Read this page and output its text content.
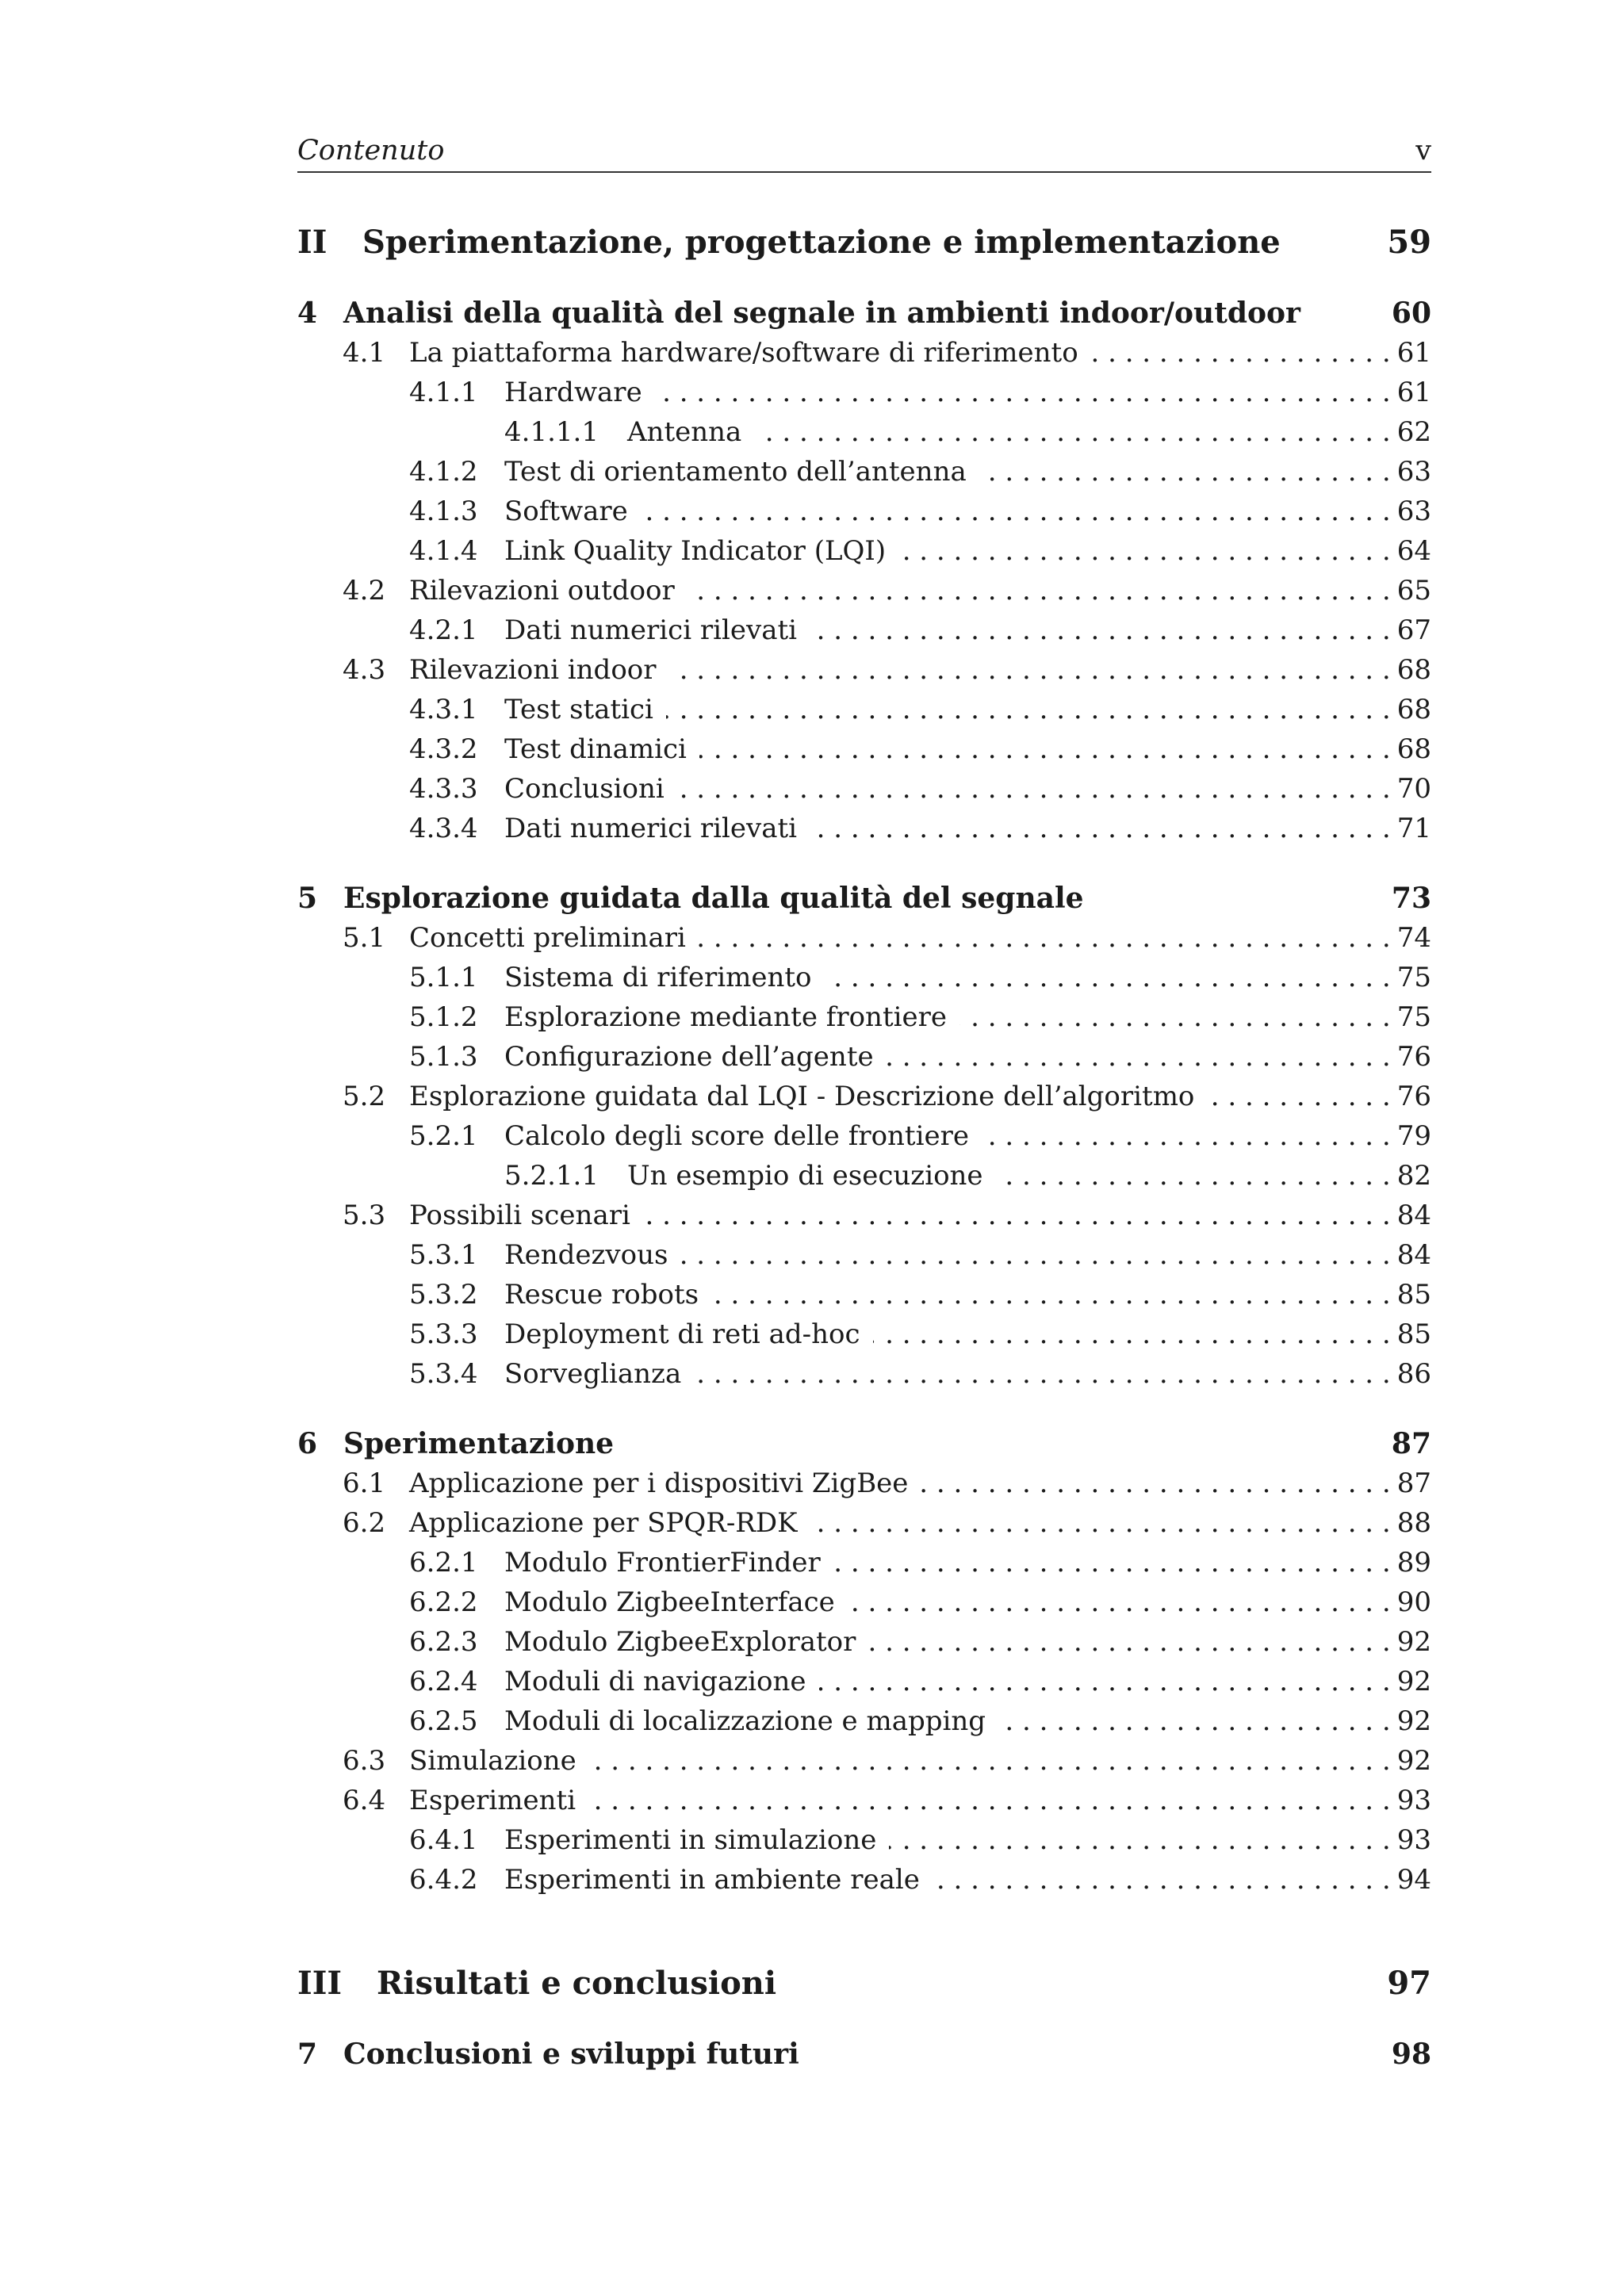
Contenuto	v
II	Sperimentazione, progettazione e implementazione	59
4 Analisi della qualità del segnale in ambienti indoor/outdoor	60
4.1 La piattaforma hardware/software di riferimento . . .	61
4.1.1 Hardware . . .	61
4.1.1.1	Antenna . . .	62
4.1.2 Test di orientamento dell’antenna . . .	63
4.1.3 Software . . .	63
4.1.4 Link Quality Indicator (LQI) . . .	64
4.2 Rilevazioni outdoor . . .	65
4.2.1 Dati numerici rilevati . . .	67
4.3 Rilevazioni indoor . . .	68
4.3.1 Test statici . . .	68
4.3.2 Test dinamici . . .	68
4.3.3 Conclusioni . . .	70
4.3.4 Dati numerici rilevati . . .	71
5 Esplorazione guidata dalla qualità del segnale	73
5.1 Concetti preliminari . . .	74
5.1.1 Sistema di riferimento . . .	75
5.1.2 Esplorazione mediante frontiere . . .	75
5.1.3 Configurazione dell’agente . . .	76
5.2 Esplorazione guidata dal LQI - Descrizione dell’algoritmo . . .	76
5.2.1 Calcolo degli score delle frontiere . . .	79
5.2.1.1	Un esempio di esecuzione . . .	82
5.3 Possibili scenari . . .	84
5.3.1 Rendezvous . . .	84
5.3.2 Rescue robots . . .	85
5.3.3 Deployment di reti ad-hoc . . .	85
5.3.4 Sorveglianza . . .	86
6 Sperimentazione	87
6.1 Applicazione per i dispositivi ZigBee . . .	87
6.2 Applicazione per SPQR-RDK . . .	88
6.2.1 Modulo FrontierFinder . . .	89
6.2.2 Modulo ZigbeeInterface . . .	90
6.2.3 Modulo ZigbeeExplorator . . .	92
6.2.4 Moduli di navigazione . . .	92
6.2.5 Moduli di localizzazione e mapping . . .	92
6.3 Simulazione . . .	92
6.4 Esperimenti . . .	93
6.4.1 Esperimenti in simulazione . . .	93
6.4.2 Esperimenti in ambiente reale . . .	94
III	Risultati e conclusioni	97
7 Conclusioni e sviluppi futuri	98
